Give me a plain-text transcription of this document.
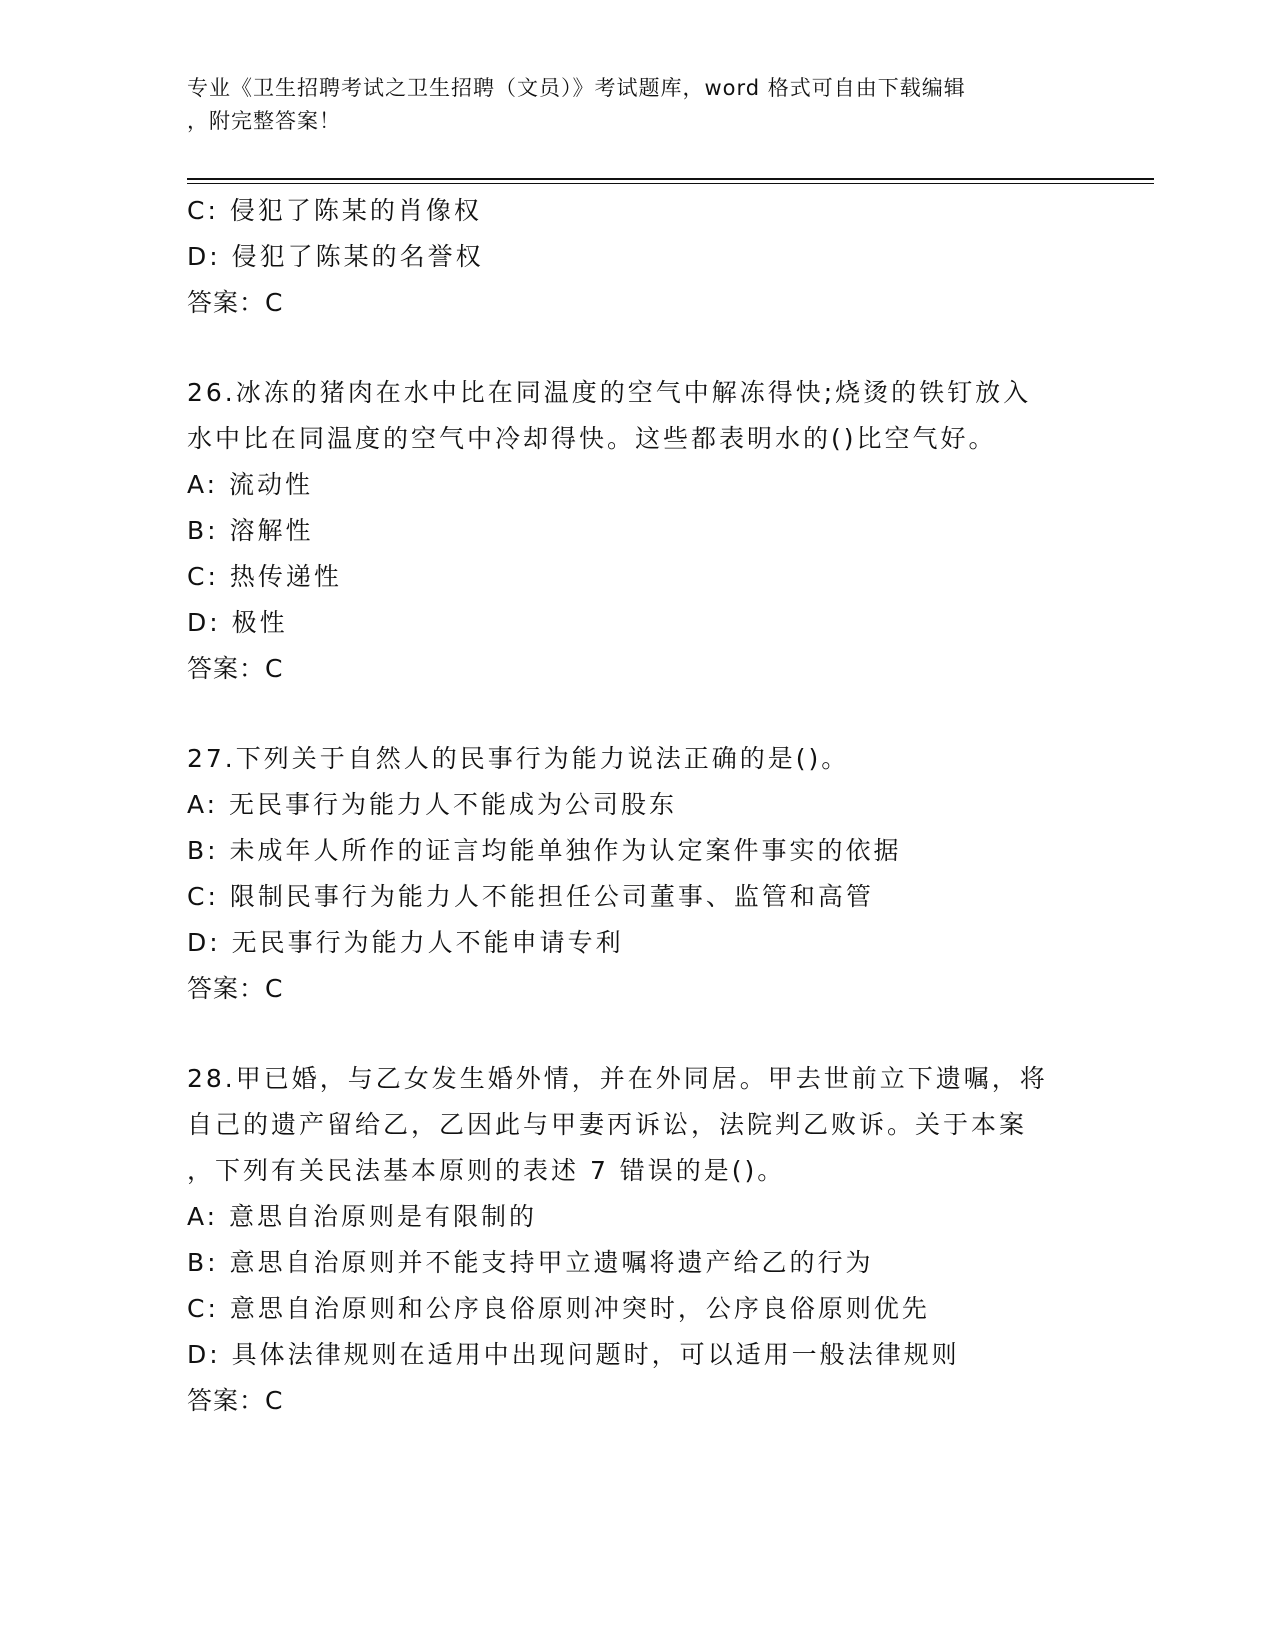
专业《卫生招聘考试之卫生招聘（文员）》考试题库，word 格式可自由下载编辑
，附完整答案！
C: 侵犯了陈某的肖像权
D: 侵犯了陈某的名誉权
答案：C
26.冰冻的猪肉在水中比在同温度的空气中解冻得快;烧烫的铁钉放入
水中比在同温度的空气中冷却得快。这些都表明水的()比空气好。
A: 流动性
B: 溶解性
C: 热传递性
D: 极性
答案：C
27.下列关于自然人的民事行为能力说法正确的是()。
A: 无民事行为能力人不能成为公司股东
B: 未成年人所作的证言均能单独作为认定案件事实的依据
C: 限制民事行为能力人不能担任公司董事、监管和高管
D: 无民事行为能力人不能申请专利
答案：C
28.甲已婚，与乙女发生婚外情，并在外同居。甲去世前立下遗嘱，将
自己的遗产留给乙，乙因此与甲妻丙诉讼，法院判乙败诉。关于本案
，下列有关民法基本原则的表述 7 错误的是()。
A: 意思自治原则是有限制的
B: 意思自治原则并不能支持甲立遗嘱将遗产给乙的行为
C: 意思自治原则和公序良俗原则冲突时，公序良俗原则优先
D: 具体法律规则在适用中出现问题时，可以适用一般法律规则
答案：C
